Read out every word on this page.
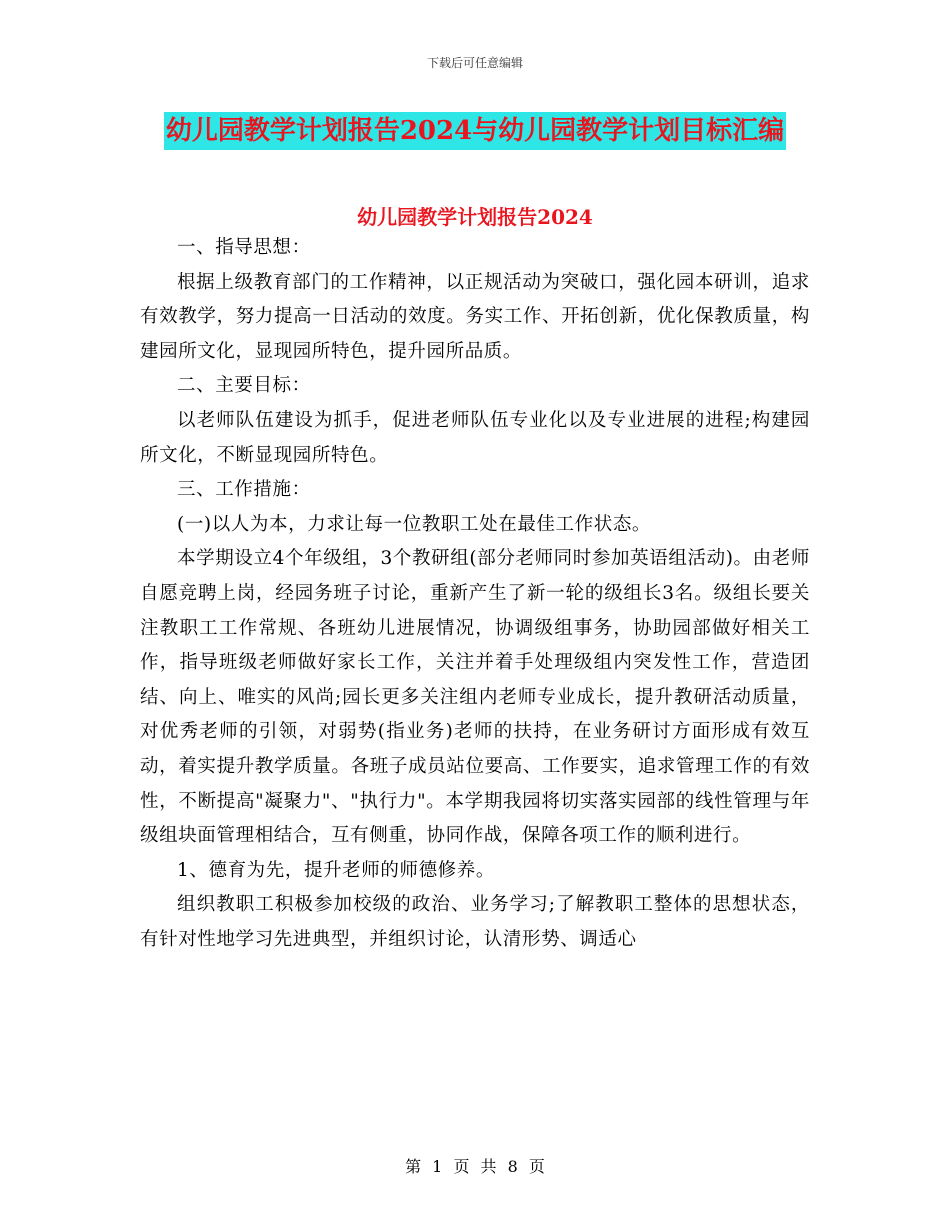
下载后可任意编辑
幼儿园教学计划报告2024与幼儿园教学计划目标汇编
幼儿园教学计划报告2024

一、指导思想：

根据上级教育部门的工作精神，以正规活动为突破口，强化园本研训，追求有效教学，努力提高一日活动的效度。务实工作、开拓创新，优化保教质量，构建园所文化，显现园所特色，提升园所品质。

二、主要目标：

以老师队伍建设为抓手，促进老师队伍专业化以及专业进展的进程;构建园所文化，不断显现园所特色。

三、工作措施：

(一)以人为本，力求让每一位教职工处在最佳工作状态。

本学期设立4个年级组，3个教研组(部分老师同时参加英语组活动)。由老师自愿竞聘上岗，经园务班子讨论，重新产生了新一轮的级组长3名。级组长要关注教职工工作常规、各班幼儿进展情况，协调级组事务，协助园部做好相关工作，指导班级老师做好家长工作，关注并着手处理级组内突发性工作，营造团结、向上、唯实的风尚;园长更多关注组内老师专业成长，提升教研活动质量，对优秀老师的引领，对弱势(指业务)老师的扶持，在业务研讨方面形成有效互动，着实提升教学质量。各班子成员站位要高、工作要实，追求管理工作的有效性，不断提高"凝聚力"、"执行力"。本学期我园将切实落实园部的线性管理与年级组块面管理相结合，互有侧重，协同作战，保障各项工作的顺利进行。

1、德育为先，提升老师的师德修养。

组织教职工积极参加校级的政治、业务学习;了解教职工整体的思想状态，有针对性地学习先进典型，并组织讨论，认清形势、调适心

第 1 页 共 8 页
